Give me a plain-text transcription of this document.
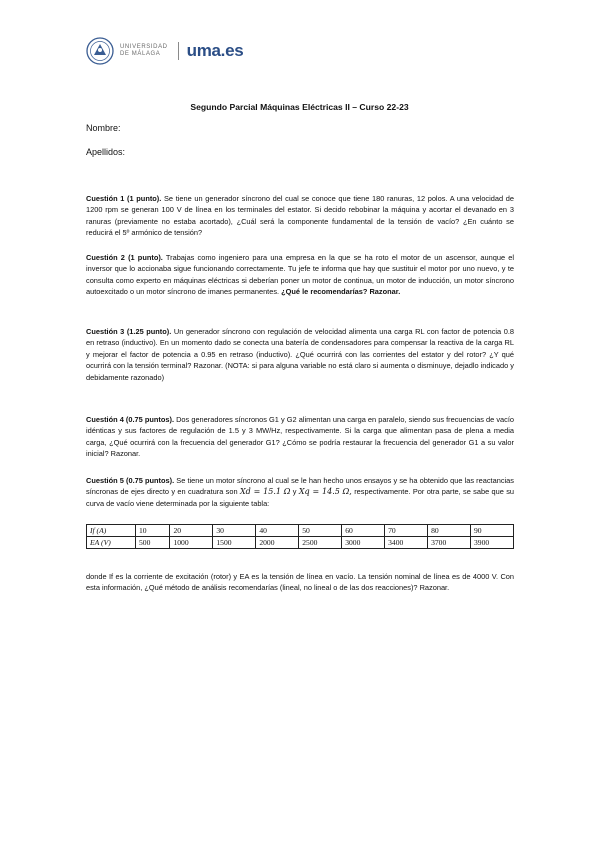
UNIVERSIDAD
DE MÁLAGA	uma.es
Segundo Parcial Máquinas Eléctricas II – Curso 22-23
Nombre:
Apellidos:
Cuestión 1 (1 punto). Se tiene un generador síncrono del cual se conoce que tiene 180 ranuras, 12 polos. A una velocidad de 1200 rpm se generan 100 V de línea en los terminales del estator. Si decido rebobinar la máquina y acortar el devanado en 3 ranuras (previamente no estaba acortado), ¿Cuál será la componente fundamental de la tensión de vacío? ¿En cuánto se reducirá el 5º armónico de tensión?
Cuestión 2 (1 punto). Trabajas como ingeniero para una empresa en la que se ha roto el motor de un ascensor, aunque el inversor que lo accionaba sigue funcionando correctamente. Tu jefe te informa que hay que sustituir el motor por uno nuevo, y te consulta como experto en máquinas eléctricas si deberían poner un motor de continua, un motor de inducción, un motor síncrono autoexcitado o un motor síncrono de imanes permanentes. ¿Qué le recomendarías? Razonar.
Cuestión 3 (1.25 punto). Un generador síncrono con regulación de velocidad alimenta una carga RL con factor de potencia 0.8 en retraso (inductivo). En un momento dado se conecta una batería de condensadores para compensar la reactiva de la carga RL y mejorar el factor de potencia a 0.95 en retraso (inductivo). ¿Qué ocurrirá con las corrientes del estator y del rotor? ¿Y qué ocurrirá con la tensión terminal? Razonar. (NOTA: si para alguna variable no está claro si aumenta o disminuye, dejadlo indicado y debidamente razonado)
Cuestión 4 (0.75 puntos). Dos generadores síncronos G1 y G2 alimentan una carga en paralelo, siendo sus frecuencias de vacío idénticas y sus factores de regulación de 1.5 y 3 MW/Hz, respectivamente. Si la carga que alimentan pasa de plena a media carga, ¿Qué ocurrirá con la frecuencia del generador G1? ¿Cómo se podría restaurar la frecuencia del generador G1 a su valor inicial? Razonar.
Cuestión 5 (0.75 puntos). Se tiene un motor síncrono al cual se le han hecho unos ensayos y se ha obtenido que las reactancias síncronas de ejes directo y en cuadratura son Xd = 15.1 Ω y Xq = 14.5 Ω, respectivamente. Por otra parte, se sabe que su curva de vacío viene determinada por la siguiente tabla:
If (A)	10	20	30	40	50	60	70	80	90
EA (V)	500	1000	1500	2000	2500	3000	3400	3700	3900
donde If es la corriente de excitación (rotor) y EA es la tensión de línea en vacío. La tensión nominal de línea es de 4000 V. Con esta información, ¿Qué método de análisis recomendarías (lineal, no lineal o de las dos reacciones)? Razonar.
